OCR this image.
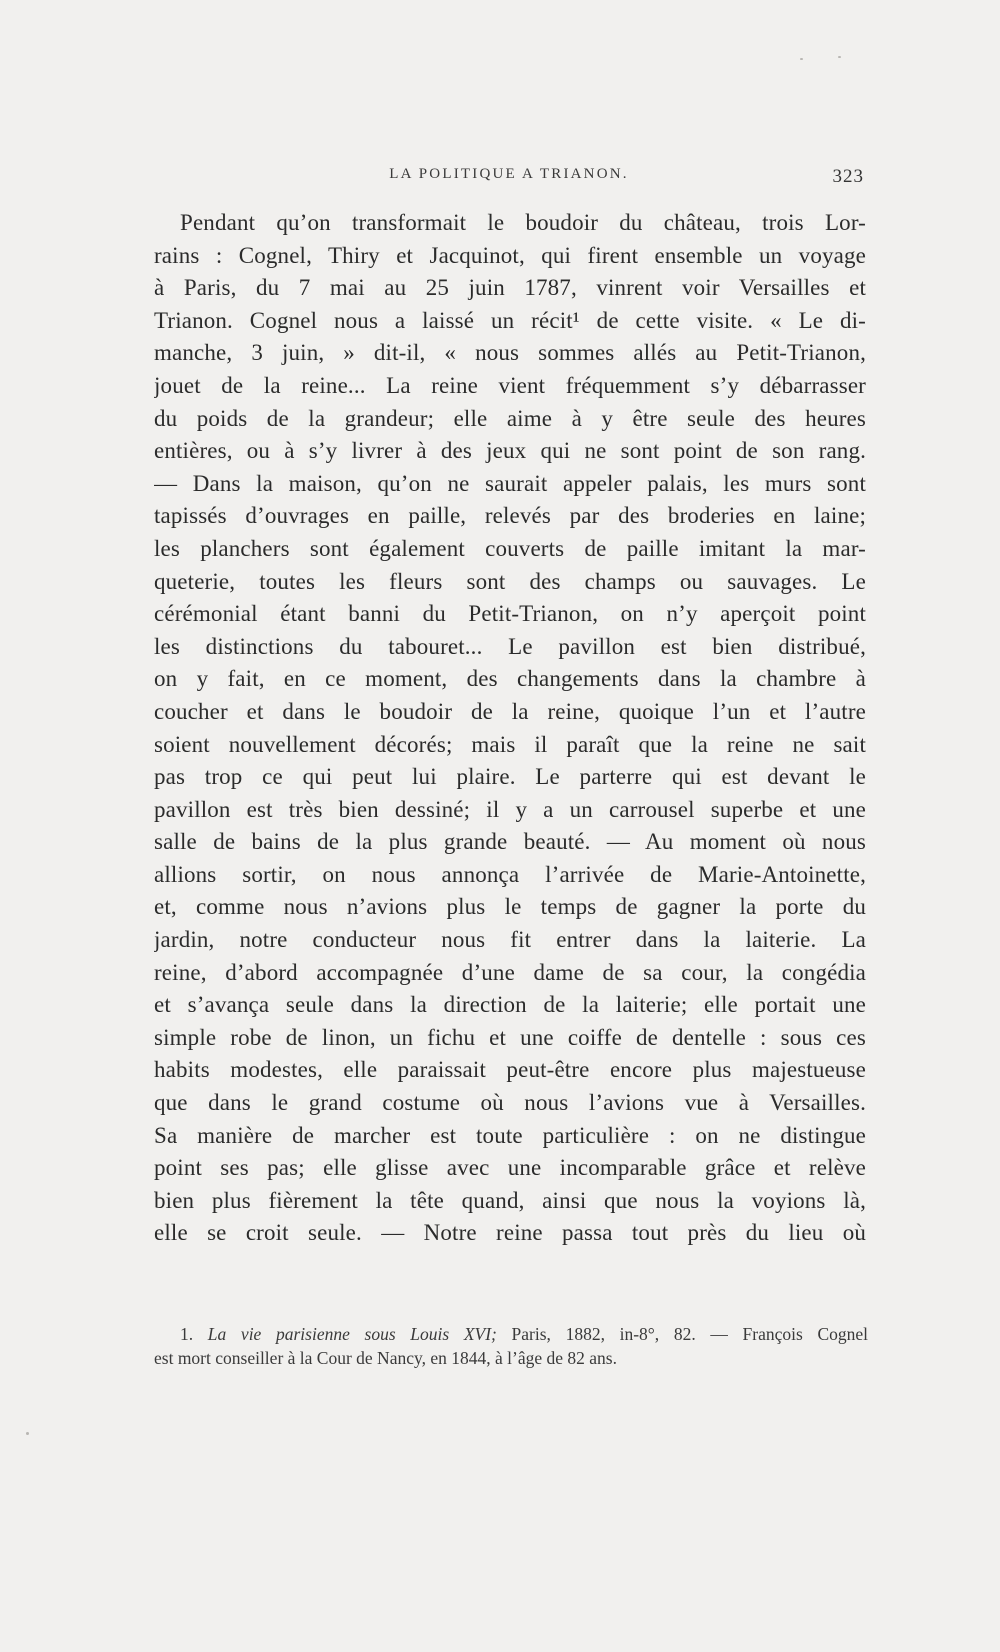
LA POLITIQUE A TRIANON.	323
Pendant qu’on transformait le boudoir du château, trois Lor-
rains : Cognel, Thiry et Jacquinot, qui firent ensemble un voyage
à Paris, du 7 mai au 25 juin 1787, vinrent voir Versailles et
Trianon. Cognel nous a laissé un récit¹ de cette visite. « Le di-
manche, 3 juin, » dit-il, « nous sommes allés au Petit-Trianon,
jouet de la reine... La reine vient fréquemment s’y débarrasser
du poids de la grandeur; elle aime à y être seule des heures
entières, ou à s’y livrer à des jeux qui ne sont point de son rang.
— Dans la maison, qu’on ne saurait appeler palais, les murs sont
tapissés d’ouvrages en paille, relevés par des broderies en laine;
les planchers sont également couverts de paille imitant la mar-
queterie, toutes les fleurs sont des champs ou sauvages. Le
cérémonial étant banni du Petit-Trianon, on n’y aperçoit point
les distinctions du tabouret... Le pavillon est bien distribué,
on y fait, en ce moment, des changements dans la chambre à
coucher et dans le boudoir de la reine, quoique l’un et l’autre
soient nouvellement décorés; mais il paraît que la reine ne sait
pas trop ce qui peut lui plaire. Le parterre qui est devant le
pavillon est très bien dessiné; il y a un carrousel superbe et une
salle de bains de la plus grande beauté. — Au moment où nous
allions sortir, on nous annonça l’arrivée de Marie-Antoinette,
et, comme nous n’avions plus le temps de gagner la porte du
jardin, notre conducteur nous fit entrer dans la laiterie. La
reine, d’abord accompagnée d’une dame de sa cour, la congédia
et s’avança seule dans la direction de la laiterie; elle portait une
simple robe de linon, un fichu et une coiffe de dentelle : sous ces
habits modestes, elle paraissait peut-être encore plus majestueuse
que dans le grand costume où nous l’avions vue à Versailles.
Sa manière de marcher est toute particulière : on ne distingue
point ses pas; elle glisse avec une incomparable grâce et relève
bien plus fièrement la tête quand, ainsi que nous la voyions là,
elle se croit seule. — Notre reine passa tout près du lieu où
1. La vie parisienne sous Louis XVI; Paris, 1882, in-8°, 82. — François Cognel
est mort conseiller à la Cour de Nancy, en 1844, à l’âge de 82 ans.
